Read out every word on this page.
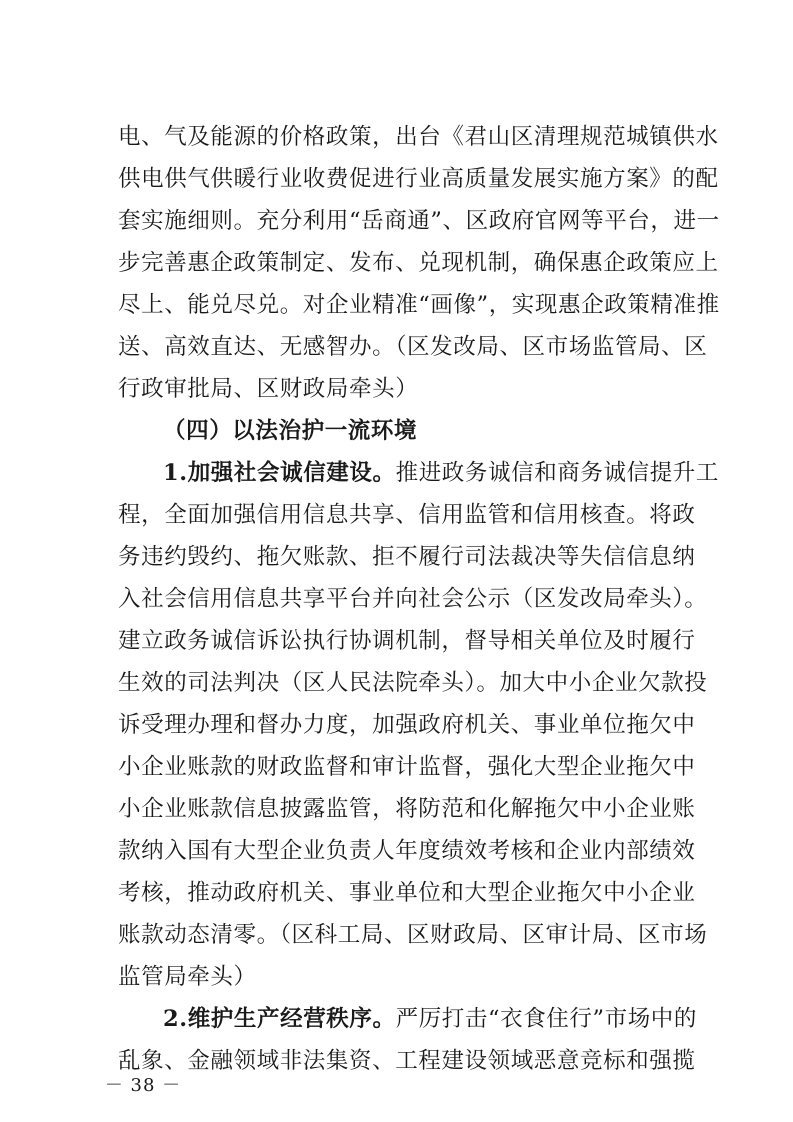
电、气及能源的价格政策，出台《君山区清理规范城镇供水
供电供气供暖行业收费促进行业高质量发展实施方案》的配
套实施细则。充分利用“岳商通”、区政府官网等平台，进一
步完善惠企政策制定、发布、兑现机制，确保惠企政策应上
尽上、能兑尽兑。对企业精准“画像”，实现惠企政策精准推
送、高效直达、无感智办。（区发改局、区市场监管局、区
行政审批局、区财政局牵头）
（四）以法治护一流环境
1.加强社会诚信建设。推进政务诚信和商务诚信提升工
程，全面加强信用信息共享、信用监管和信用核查。将政
务违约毁约、拖欠账款、拒不履行司法裁决等失信信息纳
入社会信用信息共享平台并向社会公示（区发改局牵头）。
建立政务诚信诉讼执行协调机制，督导相关单位及时履行
生效的司法判决（区人民法院牵头）。加大中小企业欠款投
诉受理办理和督办力度，加强政府机关、事业单位拖欠中
小企业账款的财政监督和审计监督，强化大型企业拖欠中
小企业账款信息披露监管，将防范和化解拖欠中小企业账
款纳入国有大型企业负责人年度绩效考核和企业内部绩效
考核，推动政府机关、事业单位和大型企业拖欠中小企业
账款动态清零。（区科工局、区财政局、区审计局、区市场
监管局牵头）
2.维护生产经营秩序。严厉打击“衣食住行”市场中的
乱象、金融领域非法集资、工程建设领域恶意竞标和强揽
－ 38 －
